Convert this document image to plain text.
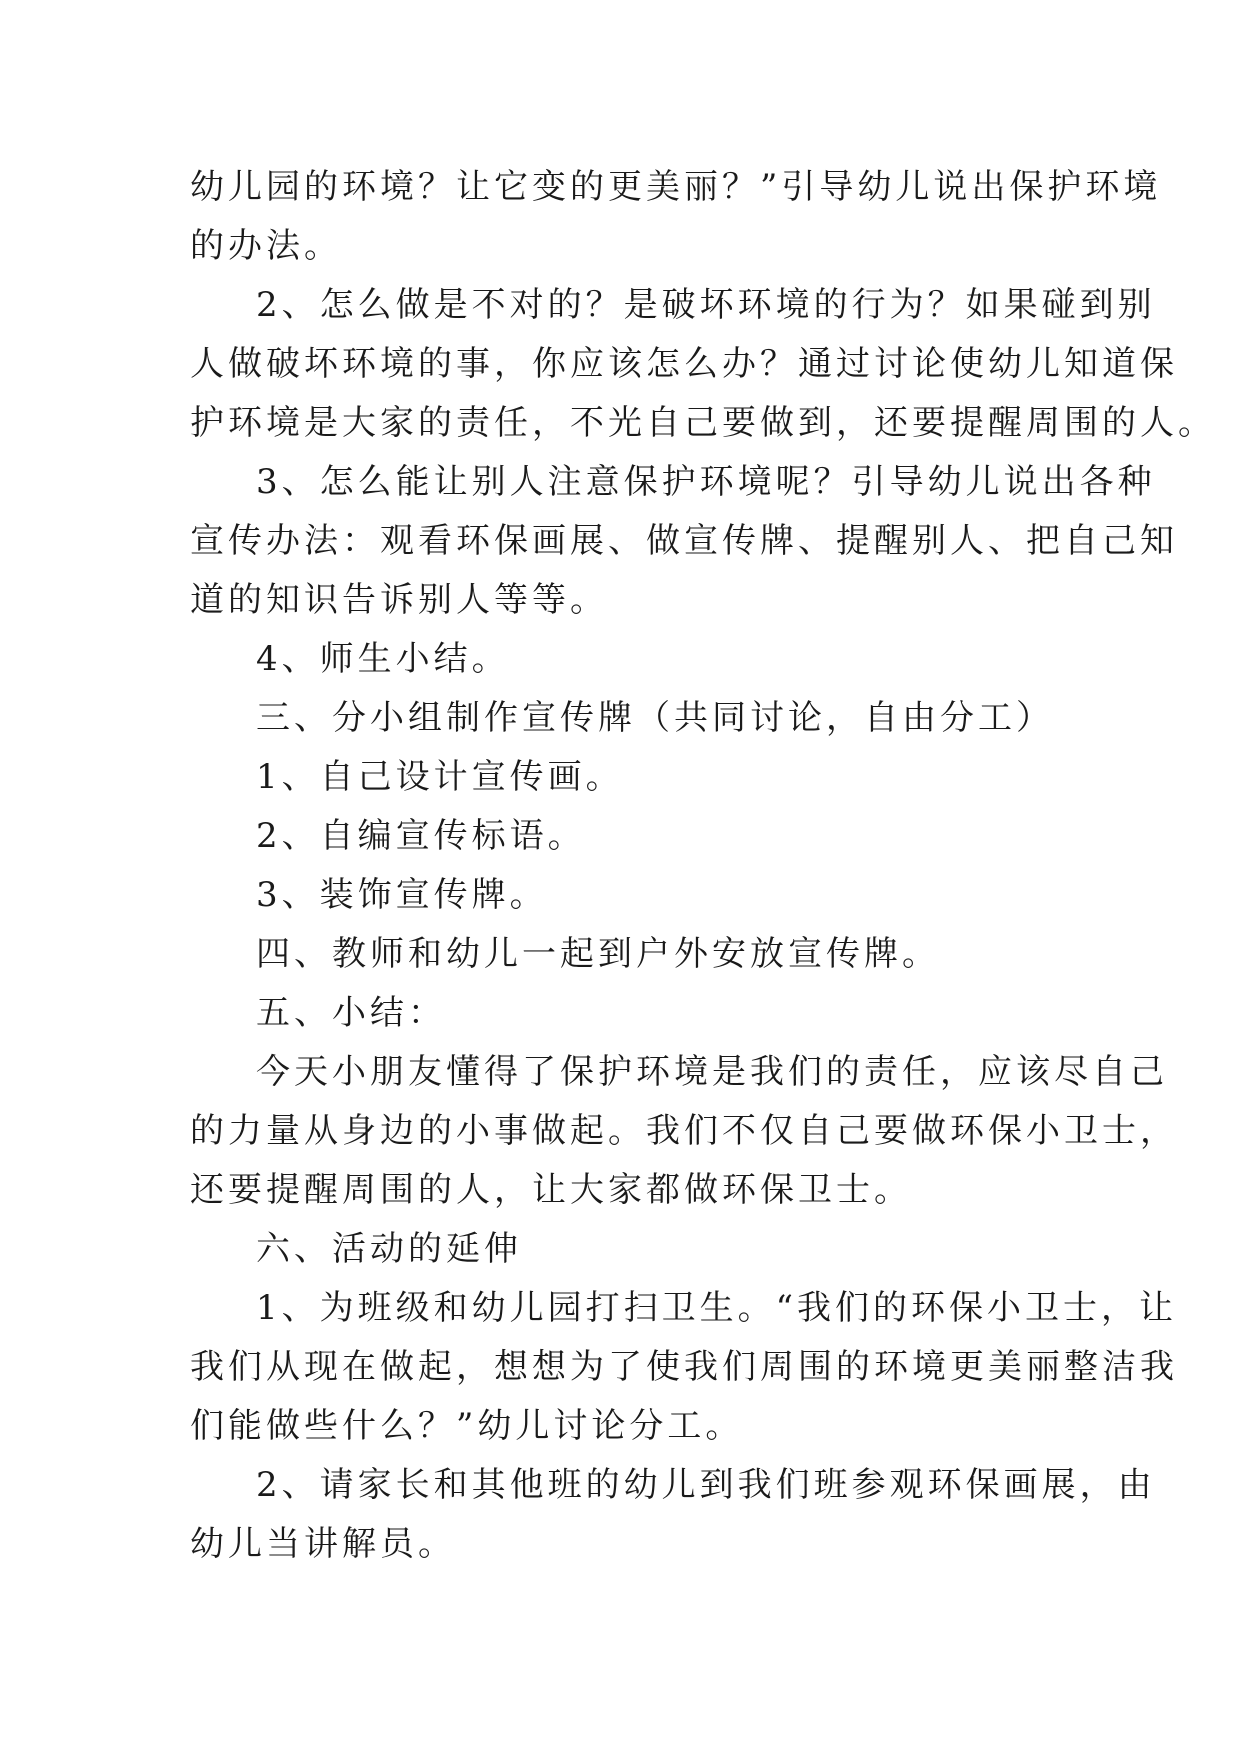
幼儿园的环境？让它变的更美丽？”引导幼儿说出保护环境
的办法。
2、怎么做是不对的？是破坏环境的行为？如果碰到别
人做破坏环境的事，你应该怎么办？通过讨论使幼儿知道保
护环境是大家的责任，不光自己要做到，还要提醒周围的人。
3、怎么能让别人注意保护环境呢？引导幼儿说出各种
宣传办法：观看环保画展、做宣传牌、提醒别人、把自己知
道的知识告诉别人等等。
4、师生小结。
三、分小组制作宣传牌（共同讨论，自由分工）
1、自己设计宣传画。
2、自编宣传标语。
3、装饰宣传牌。
四、教师和幼儿一起到户外安放宣传牌。
五、小结：
今天小朋友懂得了保护环境是我们的责任，应该尽自己
的力量从身边的小事做起。我们不仅自己要做环保小卫士，
还要提醒周围的人，让大家都做环保卫士。
六、活动的延伸
1、为班级和幼儿园打扫卫生。“我们的环保小卫士，让
我们从现在做起，想想为了使我们周围的环境更美丽整洁我
们能做些什么？”幼儿讨论分工。
2、请家长和其他班的幼儿到我们班参观环保画展，由
幼儿当讲解员。
